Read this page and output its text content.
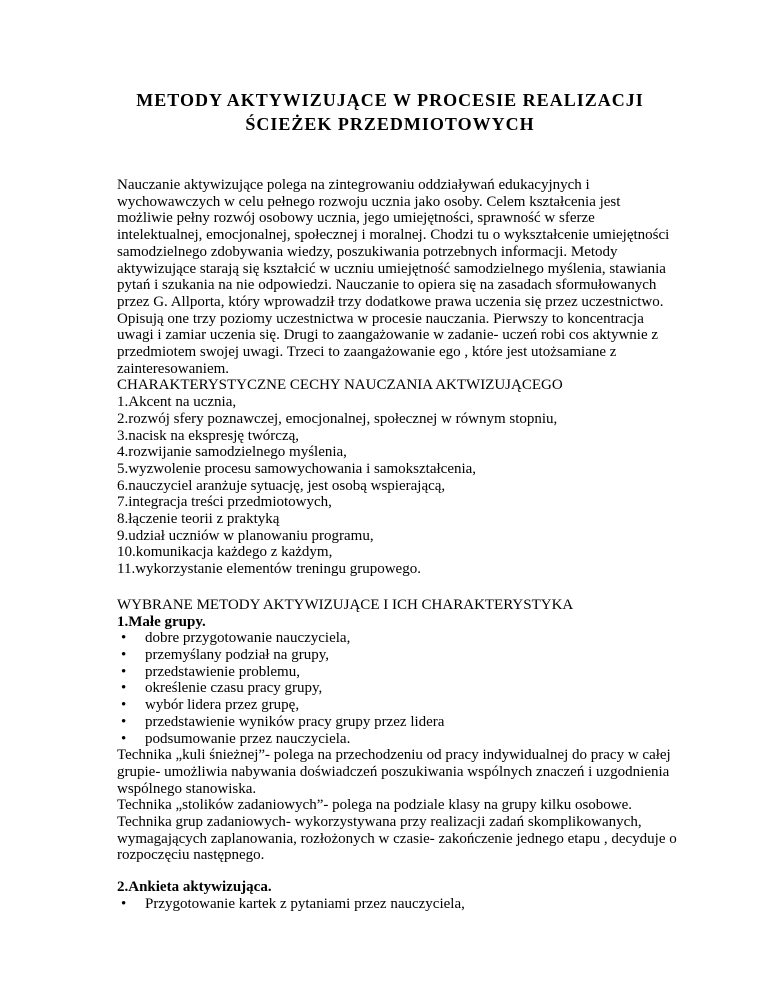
METODY AKTYWIZUJĄCE W PROCESIE REALIZACJI
ŚCIEŻEK PRZEDMIOTOWYCH
Nauczanie aktywizujące polega na zintegrowaniu oddziaływań edukacyjnych i
wychowawczych w celu pełnego rozwoju ucznia jako osoby. Celem kształcenia jest
możliwie pełny rozwój osobowy ucznia, jego umiejętności, sprawność w sferze
intelektualnej, emocjonalnej, społecznej i moralnej. Chodzi tu o wykształcenie umiejętności
samodzielnego zdobywania wiedzy, poszukiwania potrzebnych informacji. Metody
aktywizujące starają się kształcić w uczniu umiejętność samodzielnego myślenia, stawiania
pytań i szukania na nie odpowiedzi. Nauczanie to opiera się na zasadach sformułowanych
przez G. Allporta, który wprowadził trzy dodatkowe prawa uczenia się przez uczestnictwo.
Opisują one trzy poziomy uczestnictwa w procesie nauczania. Pierwszy to koncentracja
uwagi i zamiar uczenia się. Drugi to zaangażowanie w zadanie- uczeń robi cos aktywnie z
przedmiotem swojej uwagi. Trzeci to zaangażowanie ego , które jest utożsamiane z
zainteresowaniem.
CHARAKTERYSTYCZNE CECHY NAUCZANIA AKTWIZUJĄCEGO
1.Akcent na ucznia,
2.rozwój sfery poznawczej, emocjonalnej, społecznej w równym stopniu,
3.nacisk na ekspresję twórczą,
4.rozwijanie samodzielnego myślenia,
5.wyzwolenie procesu samowychowania i samokształcenia,
6.nauczyciel aranżuje sytuację, jest osobą wspierającą,
7.integracja treści przedmiotowych,
8.łączenie teorii z praktyką
9.udział uczniów w planowaniu programu,
10.komunikacja każdego z każdym,
11.wykorzystanie elementów treningu grupowego.
WYBRANE METODY AKTYWIZUJĄCE I ICH CHARAKTERYSTYKA
1.Małe grupy.
• dobre przygotowanie nauczyciela,
• przemyślany podział na grupy,
• przedstawienie problemu,
• określenie czasu pracy grupy,
• wybór lidera przez grupę,
• przedstawienie wyników pracy grupy przez lidera
• podsumowanie przez nauczyciela.
Technika „kuli śnieżnej”- polega na przechodzeniu od pracy indywidualnej do pracy w całej
grupie- umożliwia nabywania doświadczeń poszukiwania wspólnych znaczeń i uzgodnienia
wspólnego stanowiska.
Technika „stolików zadaniowych”- polega na podziale klasy na grupy kilku osobowe.
Technika grup zadaniowych- wykorzystywana przy realizacji zadań skomplikowanych,
wymagających zaplanowania, rozłożonych w czasie- zakończenie jednego etapu , decyduje o
rozpoczęciu następnego.
2.Ankieta aktywizująca.
• Przygotowanie kartek z pytaniami przez nauczyciela,
